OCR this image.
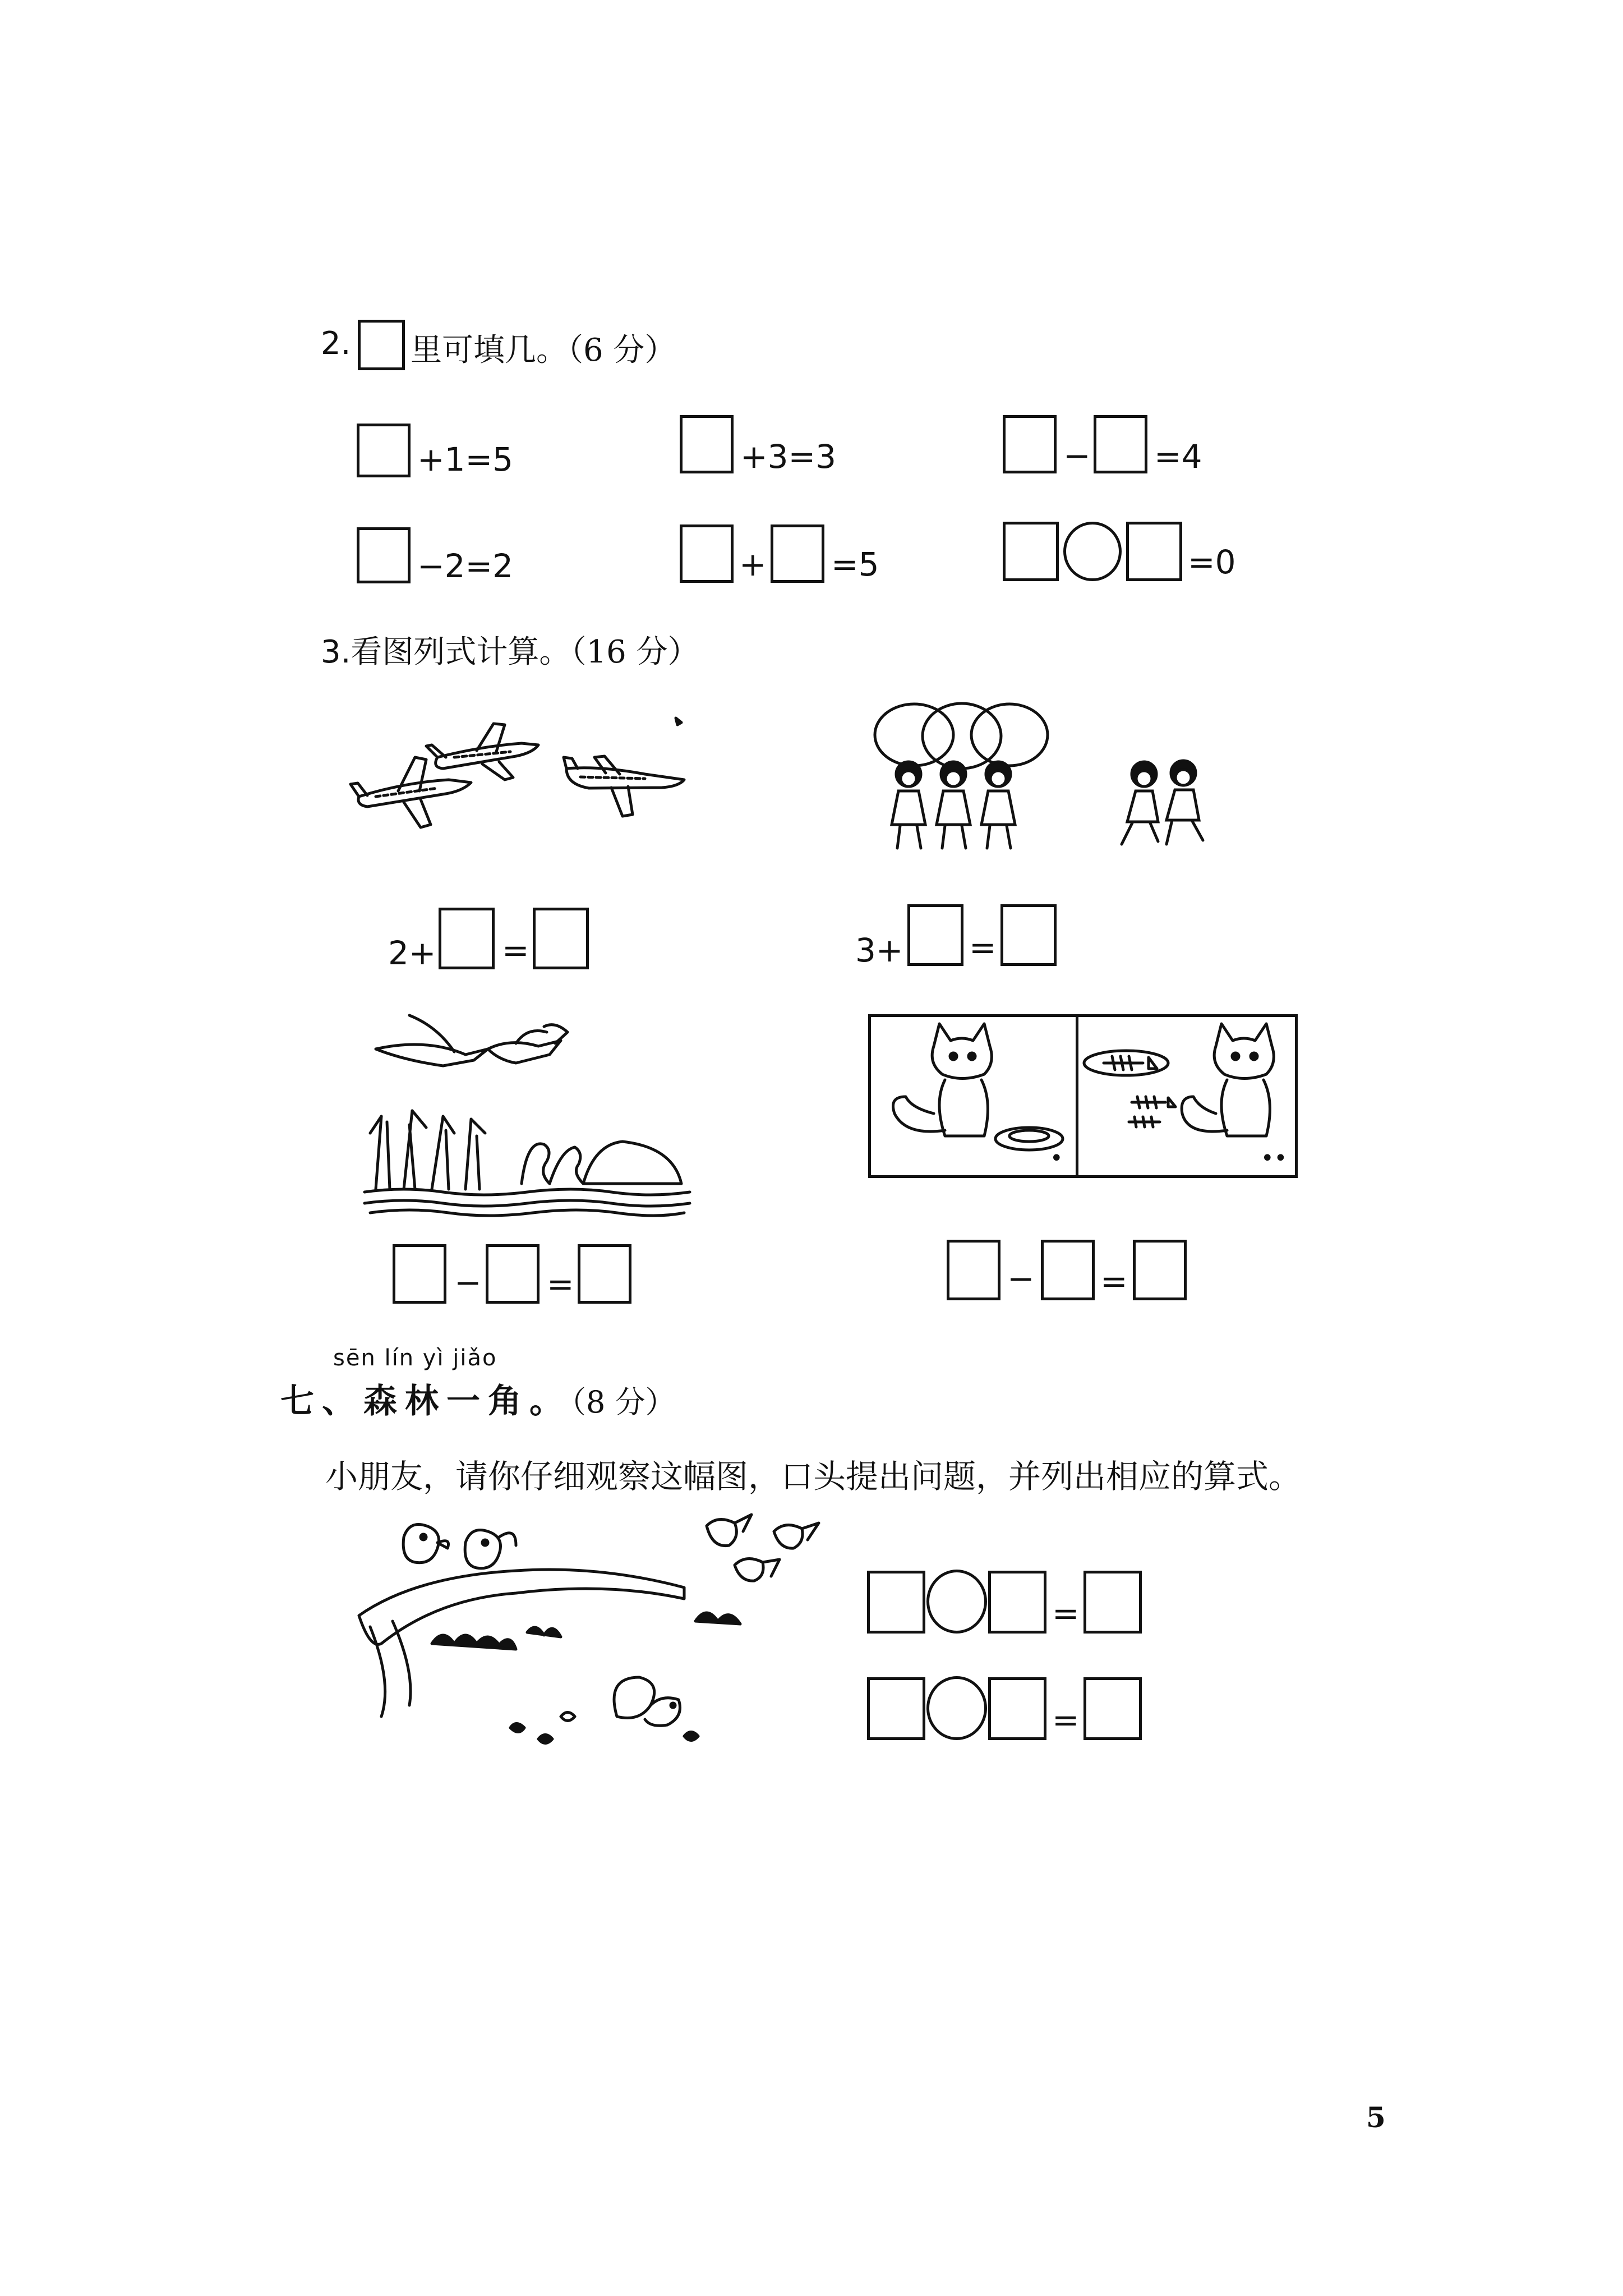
2. 里可填几。（6 分）
+1=5	+3=3	− =4
−2=2	+ =5	=0
3.看图列式计算。（16 分）
2+ =	3+ =
•	••
− =	− =
sēn lín yì jiǎo
七、森林一角。（8 分）
小朋友，请你仔细观察这幅图，口头提出问题，并列出相应的算式。
=
=
5
